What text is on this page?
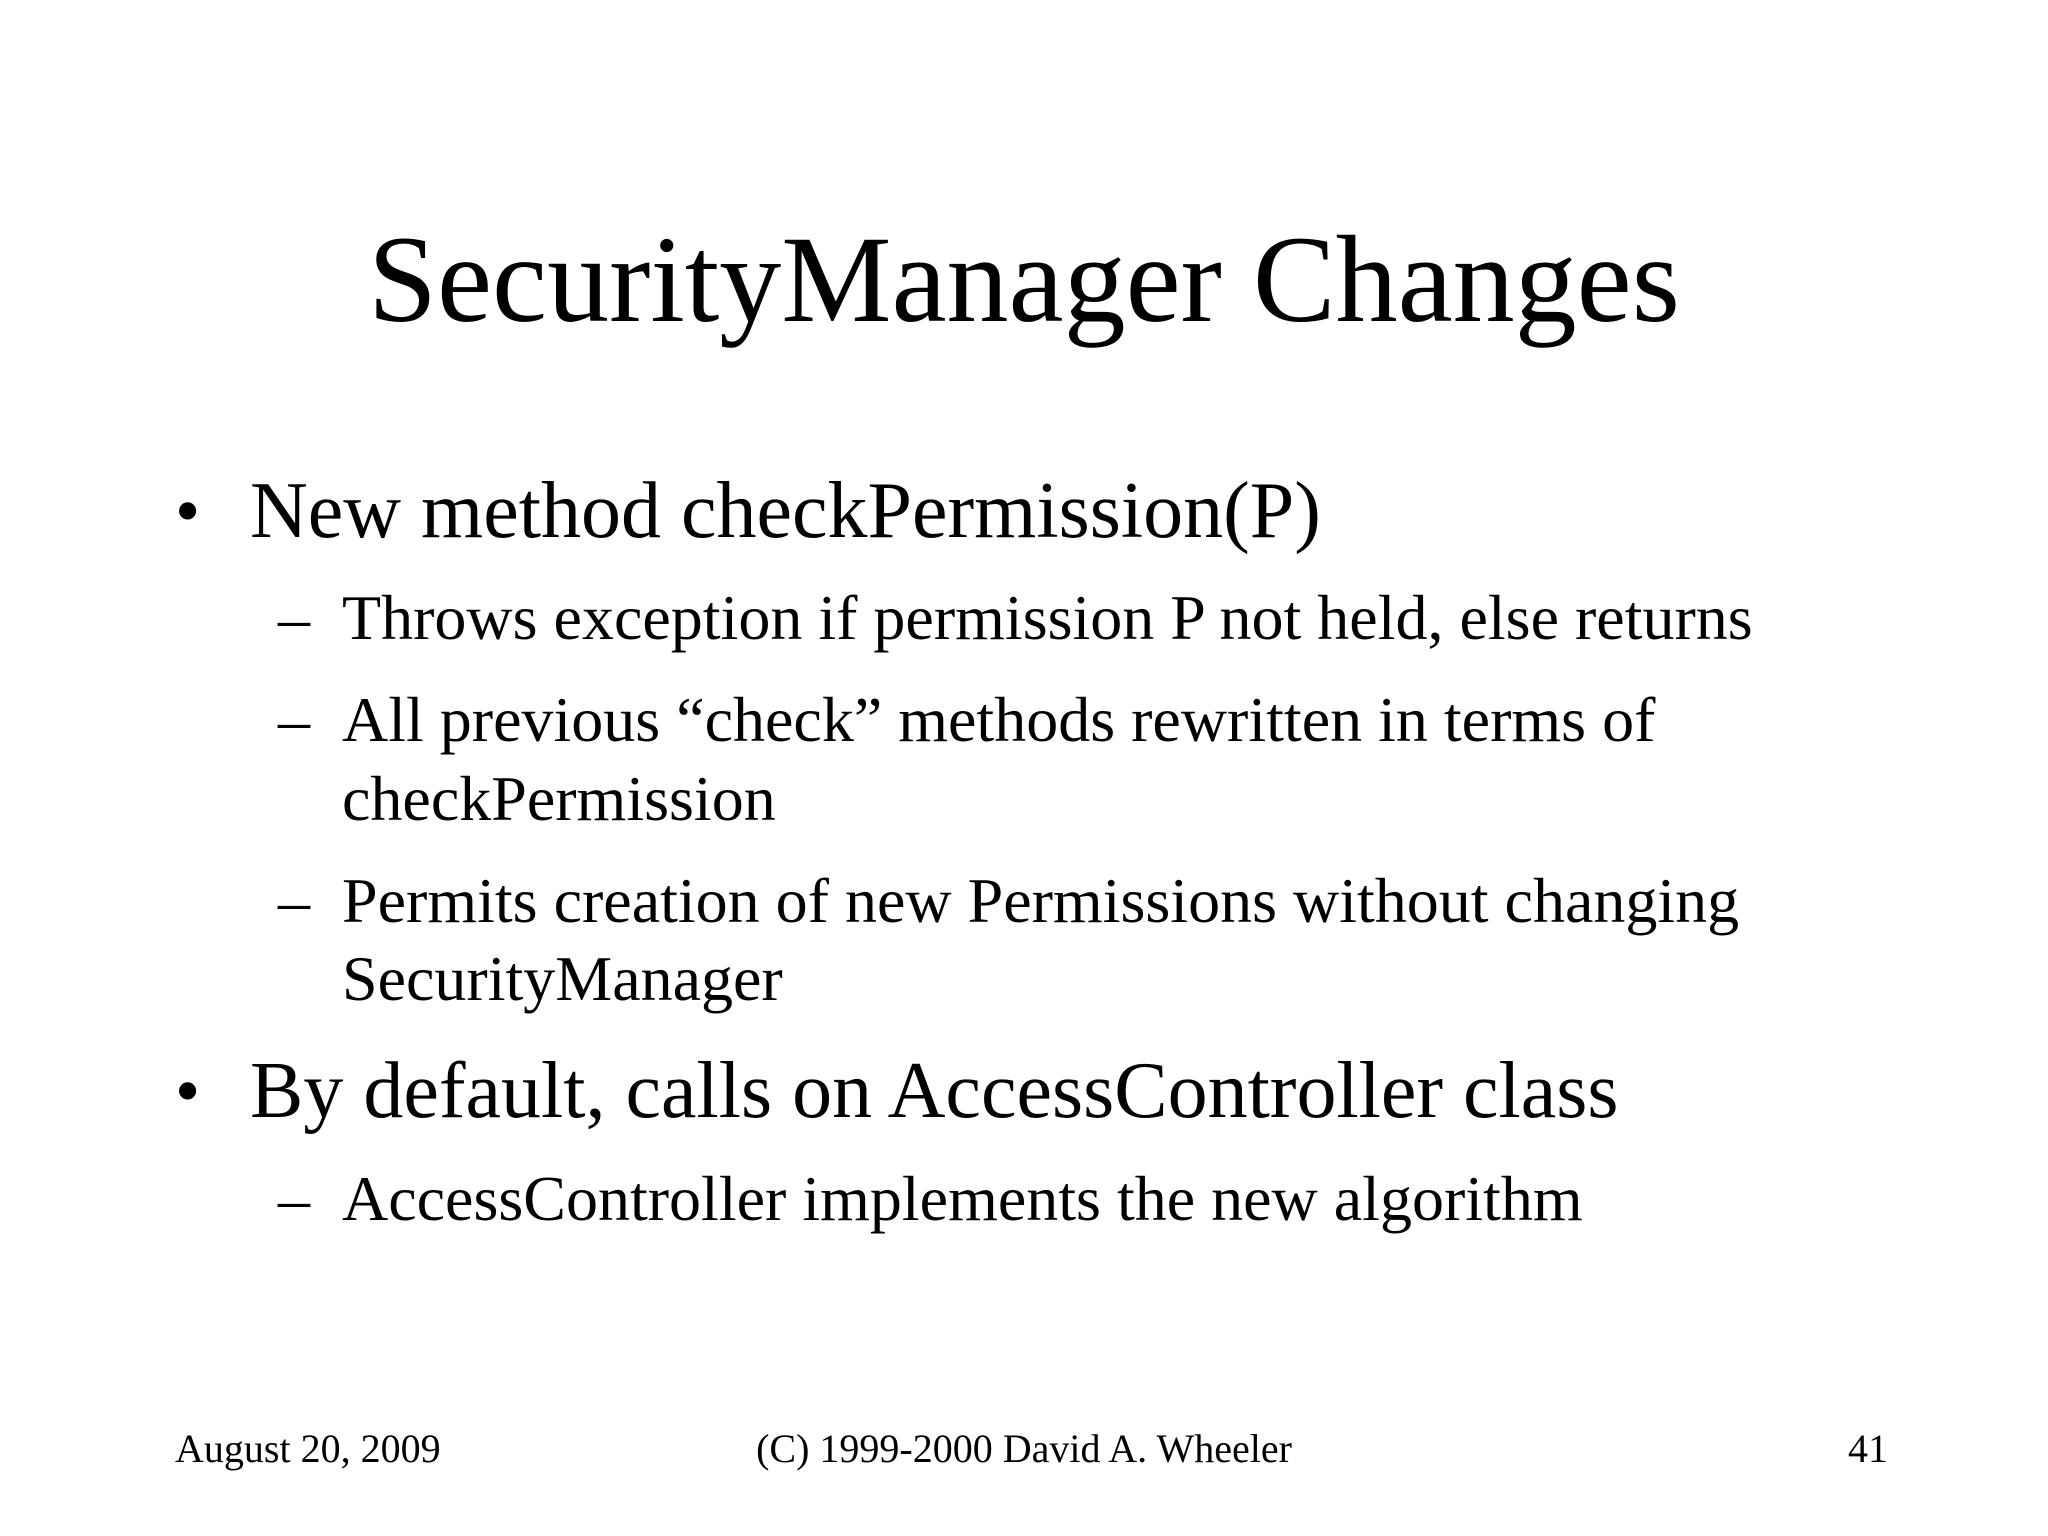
SecurityManager Changes
• New method checkPermission(P)
– Throws exception if permission P not held, else returns
– All previous “check” methods rewritten in terms of
checkPermission
– Permits creation of new Permissions without changing
SecurityManager
• By default, calls on AccessController class
– AccessController implements the new algorithm
August 20, 2009	(C) 1999-2000 David A. Wheeler	41
